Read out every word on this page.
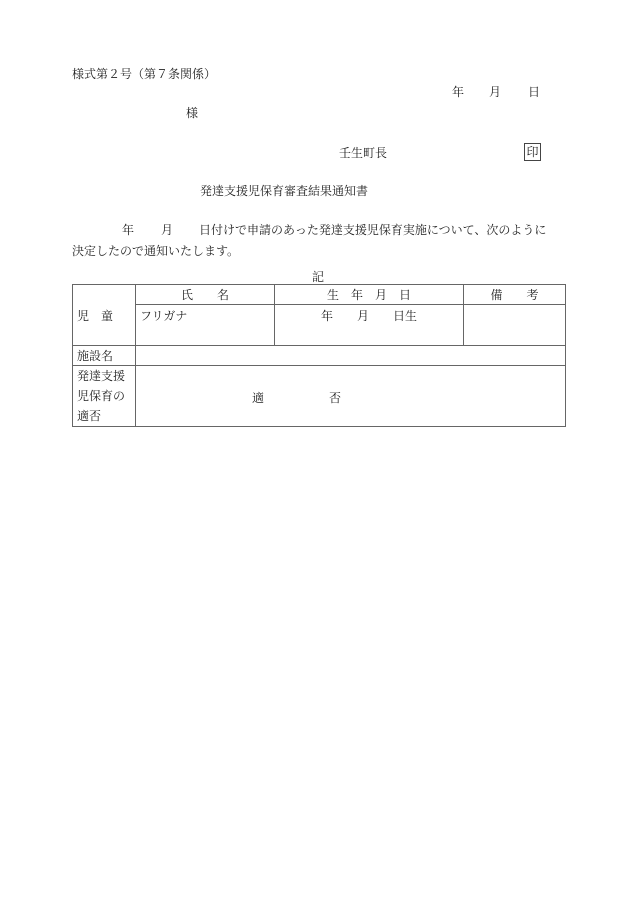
様式第２号（第７条関係）
年 月 日
様
壬生町長	印
発達支援児保育審査結果通知書
年 月 日付けで申請のあった発達支援児保育実施について、次のように
決定したので通知いたします。
記
児　童	氏　　名	生　年　月　日	備　　考
	フリガナ	年　　月　　日生	
施設名			

発達支援
児保育の
適否

適	否
